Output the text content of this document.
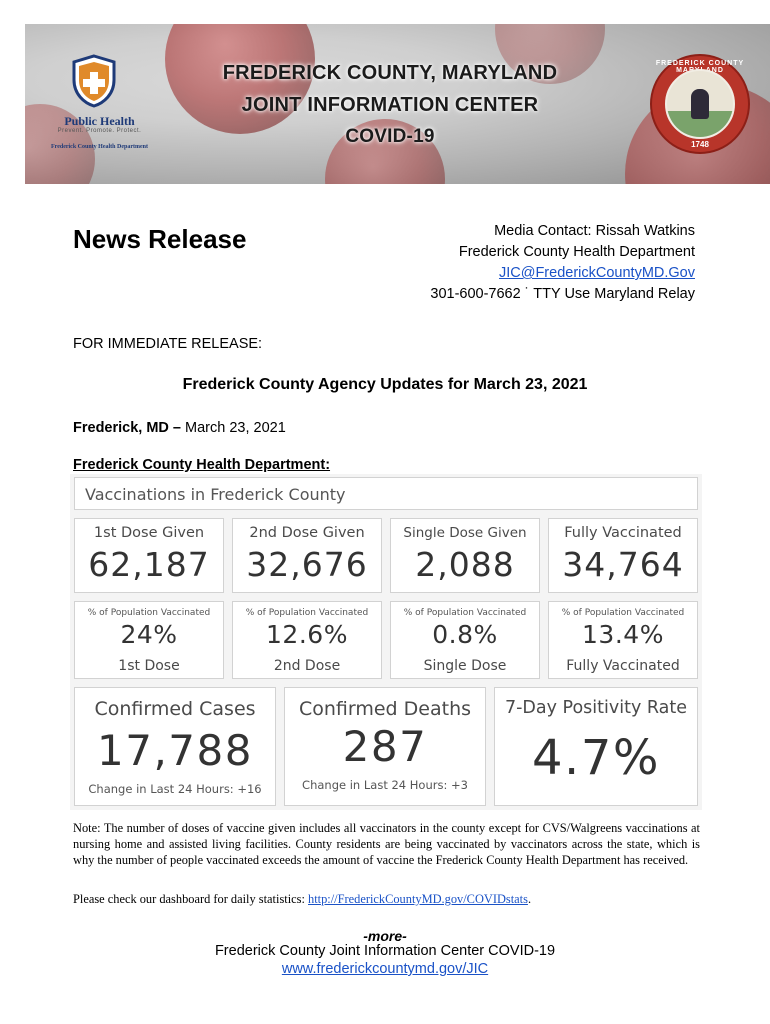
Public Health
Prevent. Promote. Protect.
Frederick County Health Department
FREDERICK COUNTY, MARYLAND
JOINT INFORMATION CENTER
COVID-19
FREDERICK COUNTY
1748
News Release	Media Contact: Rissah Watkins
Frederick County Health Department
JIC@FrederickCountyMD.Gov
301-600-7662 ˙ TTY Use Maryland Relay
FOR IMMEDIATE RELEASE:
Frederick County Agency Updates for March 23, 2021
Frederick, MD – March 23, 2021
Frederick County Health Department:
Vaccinations in Frederick County
1st Dose Given
62,187
2nd Dose Given
32,676
Single Dose Given
2,088
Fully Vaccinated
34,764
% of Population Vaccinated
24%
1st Dose
% of Population Vaccinated
12.6%
2nd Dose
% of Population Vaccinated
0.8%
Single Dose
% of Population Vaccinated
13.4%
Fully Vaccinated
Confirmed Cases
17,788
Change in Last 24 Hours: +16
Confirmed Deaths
287
Change in Last 24 Hours: +3
7-Day Positivity Rate
4.7%
Note: The number of doses of vaccine given includes all vaccinators in the county except for CVS/Walgreens vaccinations at nursing home and assisted living facilities. County residents are being vaccinated by vaccinators across the state, which is why the number of people vaccinated exceeds the amount of vaccine the Frederick County Health Department has received.
Please check our dashboard for daily statistics: http://FrederickCountyMD.gov/COVIDstats.
-more-
Frederick County Joint Information Center COVID-19
www.frederickcountymd.gov/JIC
